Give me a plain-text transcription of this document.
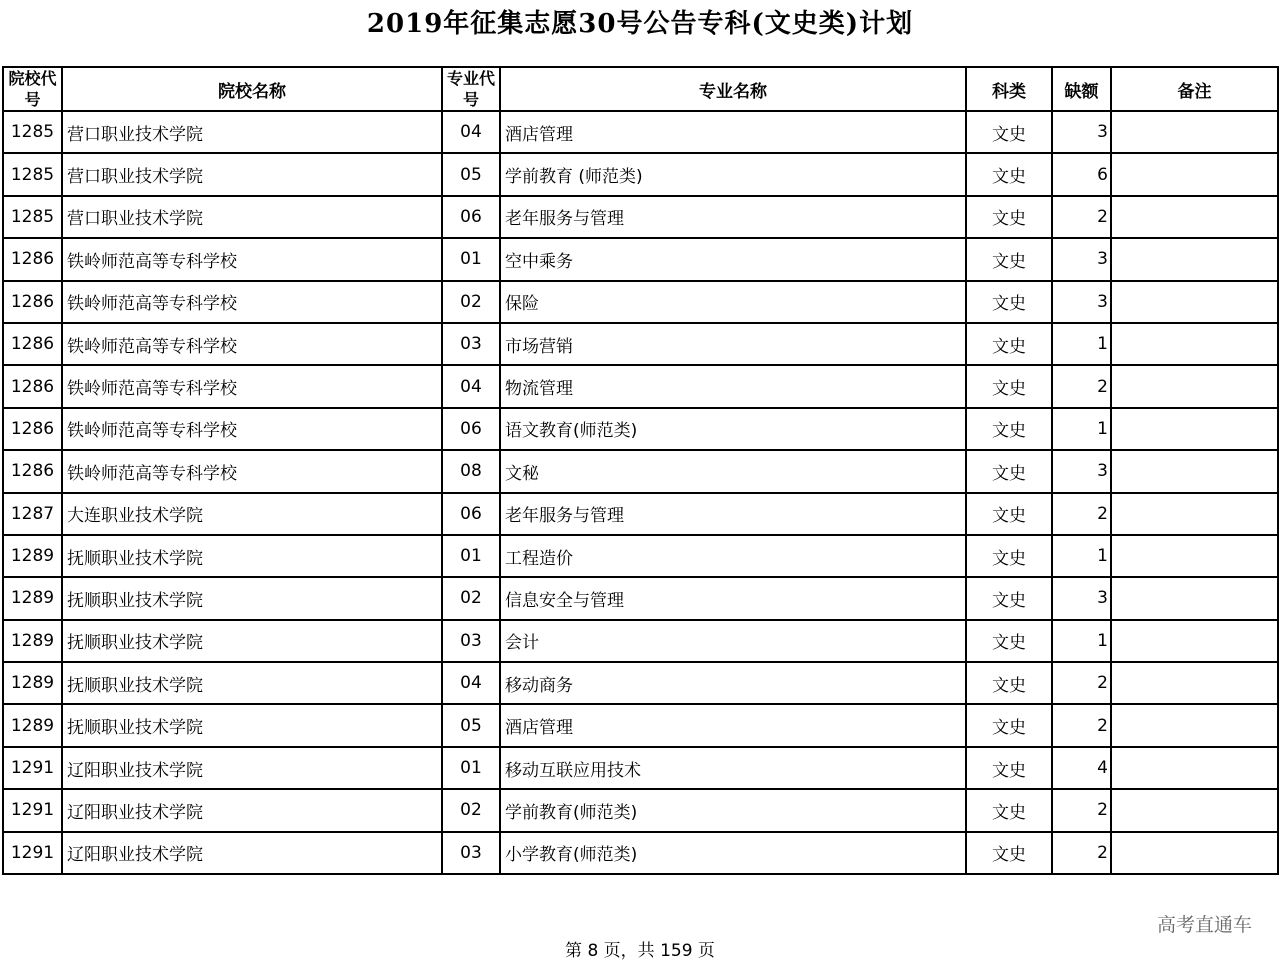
2019年征集志愿30号公告专科(文史类)计划
院校代号	院校名称	专业代号	专业名称	科类	缺额	备注
1285	营口职业技术学院	04	酒店管理	文史	3	
1285	营口职业技术学院	05	学前教育 (师范类)	文史	6	
1285	营口职业技术学院	06	老年服务与管理	文史	2	
1286	铁岭师范高等专科学校	01	空中乘务	文史	3	
1286	铁岭师范高等专科学校	02	保险	文史	3	
1286	铁岭师范高等专科学校	03	市场营销	文史	1	
1286	铁岭师范高等专科学校	04	物流管理	文史	2	
1286	铁岭师范高等专科学校	06	语文教育(师范类)	文史	1	
1286	铁岭师范高等专科学校	08	文秘	文史	3	
1287	大连职业技术学院	06	老年服务与管理	文史	2	
1289	抚顺职业技术学院	01	工程造价	文史	1	
1289	抚顺职业技术学院	02	信息安全与管理	文史	3	
1289	抚顺职业技术学院	03	会计	文史	1	
1289	抚顺职业技术学院	04	移动商务	文史	2	
1289	抚顺职业技术学院	05	酒店管理	文史	2	
1291	辽阳职业技术学院	01	移动互联应用技术	文史	4	
1291	辽阳职业技术学院	02	学前教育(师范类)	文史	2	
1291	辽阳职业技术学院	03	小学教育(师范类)	文史	2	
高考直通车
第 8 页，共 159 页
